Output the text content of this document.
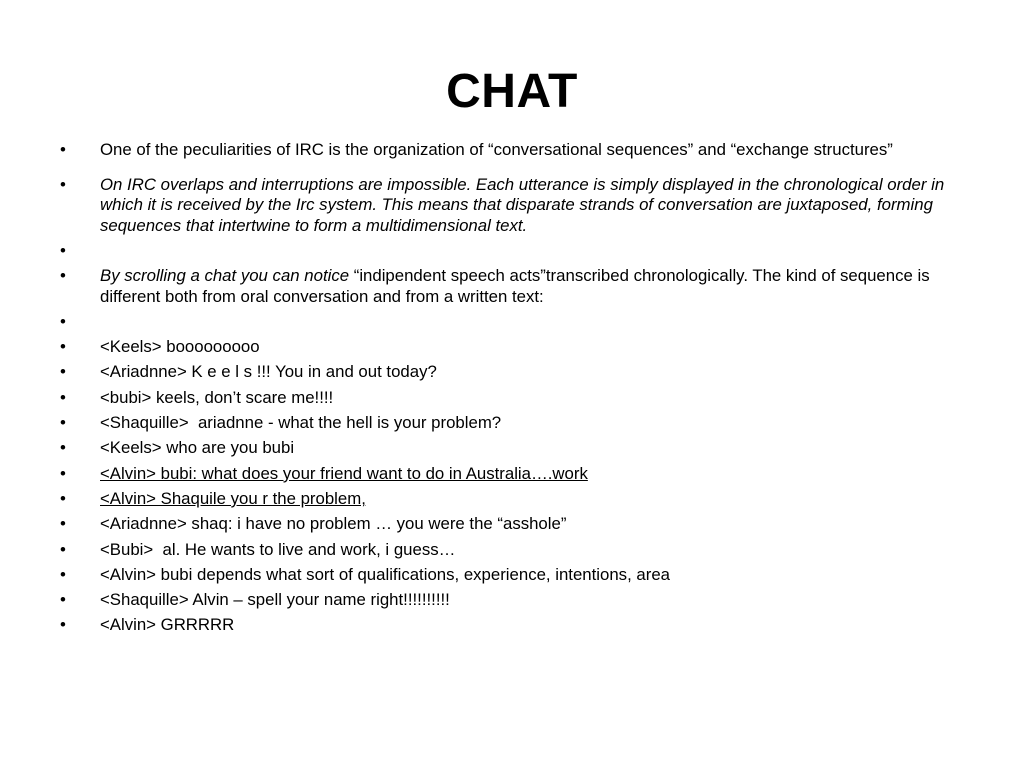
CHAT
•	One of the peculiarities of IRC is the organization of “conversational sequences” and “exchange structures”
•	On IRC overlaps and interruptions are impossible. Each utterance is simply displayed in the chronological order in which it is received by the Irc system. This means that disparate strands of conversation are juxtaposed, forming sequences that intertwine to form a multidimensional text.
•

•	By scrolling a chat you can notice “indipendent speech acts”transcribed chronologically. The kind of sequence is different both from oral conversation and from a written text:
•

•	<Keels> booooooooo
•	<Ariadnne> K e e l s !!! You in and out today?
•	<bubi> keels, don’t scare me!!!!
•	<Shaquille>  ariadnne - what the hell is your problem?
•	<Keels> who are you bubi
•	<Alvin> bubi: what does your friend want to do in Australia….work
•	<Alvin> Shaquile you r the problem,
•	<Ariadnne> shaq: i have no problem … you were the “asshole”
•	<Bubi>  al. He wants to live and work, i guess…
•	<Alvin> bubi depends what sort of qualifications, experience, intentions, area
•	<Shaquille> Alvin – spell your name right!!!!!!!!!!
•	<Alvin> GRRRRR
